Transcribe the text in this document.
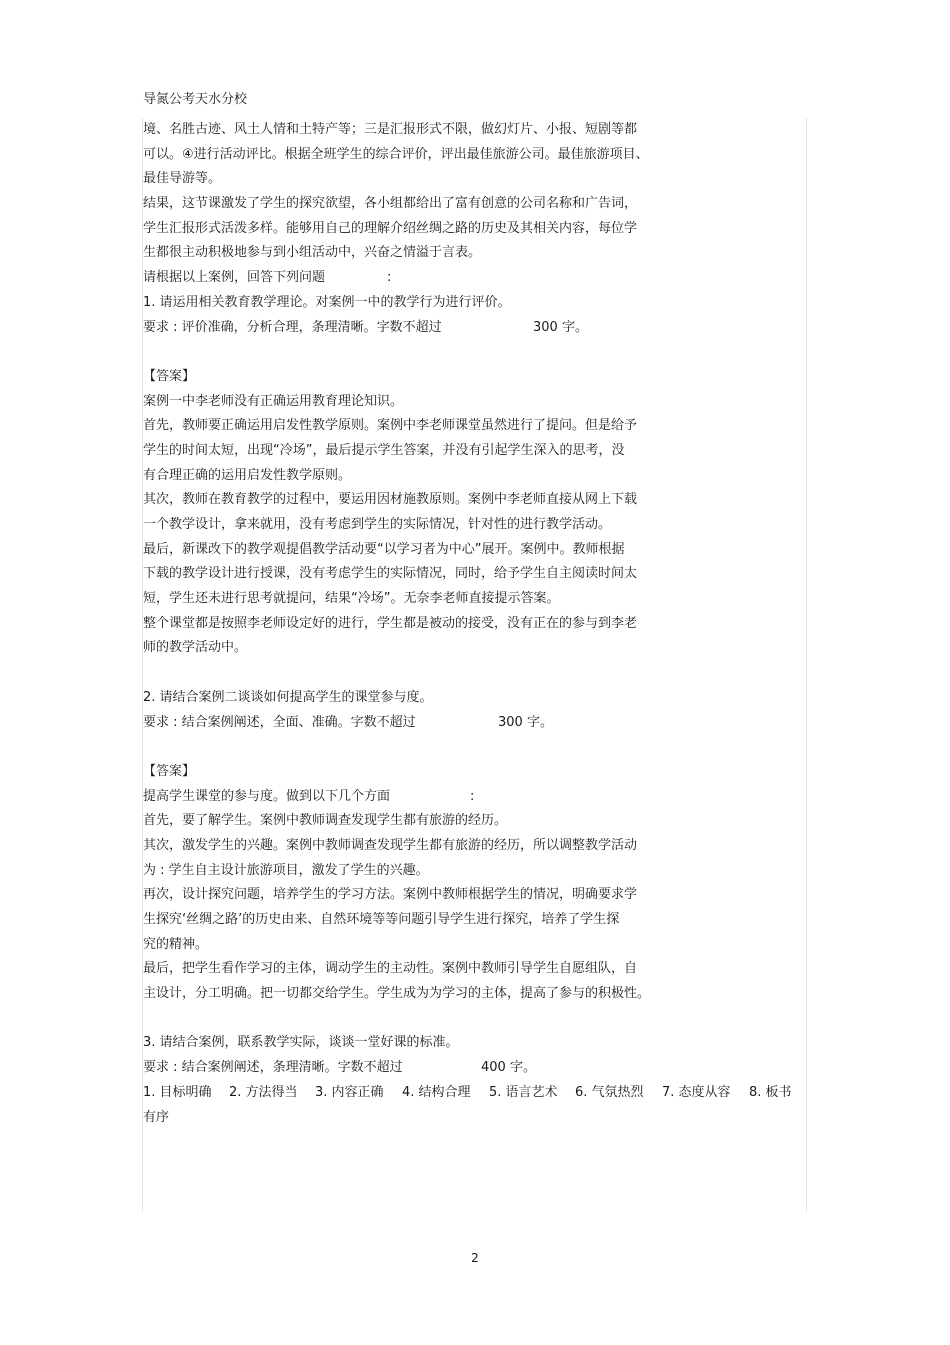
导氮公考天水分校
境、名胜古迹、风土人情和土特产等；三是汇报形式不限，做幻灯片、小报、短剧等都
可以。④进行活动评比。根据全班学生的综合评价，评出最佳旅游公司。最佳旅游项目、
最佳导游等。
结果，这节课激发了学生的探究欲望，各小组都给出了富有创意的公司名称和广告词，
学生汇报形式活泼多样。能够用自己的理解介绍丝绸之路的历史及其相关内容，每位学
生都很主动积极地参与到小组活动中，兴奋之情溢于言表。
请根据以上案例，回答下列问题	:
1. 请运用相关教育教学理论。对案例一中的教学行为进行评价。
要求 : 评价准确，分析合理，条理清晰。字数不超过	300 字。
【答案】
案例一中李老师没有正确运用教育理论知识。
首先，教师要正确运用启发性教学原则。案例中李老师课堂虽然进行了提问。但是给予
学生的时间太短，出现“冷场”，最后提示学生答案，并没有引起学生深入的思考，没
有合理正确的运用启发性教学原则。
其次，教师在教育教学的过程中，要运用因材施教原则。案例中李老师直接从网上下载
一个教学设计，拿来就用，没有考虑到学生的实际情况，针对性的进行教学活动。
最后，新课改下的教学观提倡教学活动要“以学习者为中心”展开。案例中。教师根据
下载的教学设计进行授课，没有考虑学生的实际情况，同时，给予学生自主阅读时间太
短，学生还未进行思考就提问，结果“冷场”。无奈李老师直接提示答案。
整个课堂都是按照李老师设定好的进行，学生都是被动的接受，没有正在的参与到李老
师的教学活动中。
2. 请结合案例二谈谈如何提高学生的课堂参与度。
要求 : 结合案例阐述，全面、准确。字数不超过	300 字。
【答案】
提高学生课堂的参与度。做到以下几个方面	:
首先，要了解学生。案例中教师调查发现学生都有旅游的经历。
其次，激发学生的兴趣。案例中教师调查发现学生都有旅游的经历，所以调整教学活动
为 : 学生自主设计旅游项目，激发了学生的兴趣。
再次，设计探究问题，培养学生的学习方法。案例中教师根据学生的情况，明确要求学
生探究‘丝绸之路’的历史由来、自然环境等等问题引导学生进行探究，培养了学生探
究的精神。
最后，把学生看作学习的主体，调动学生的主动性。案例中教师引导学生自愿组队，自
主设计，分工明确。把一切都交给学生。学生成为为学习的主体，提高了参与的积极性。
3. 请结合案例，联系教学实际，谈谈一堂好课的标准。
要求 : 结合案例阐述，条理清晰。字数不超过	400 字。
1. 目标明确 2. 方法得当 3. 内容正确 4. 结构合理 5. 语言艺术 6. 气氛热烈 7. 态度从容 8. 板书
有序
2
